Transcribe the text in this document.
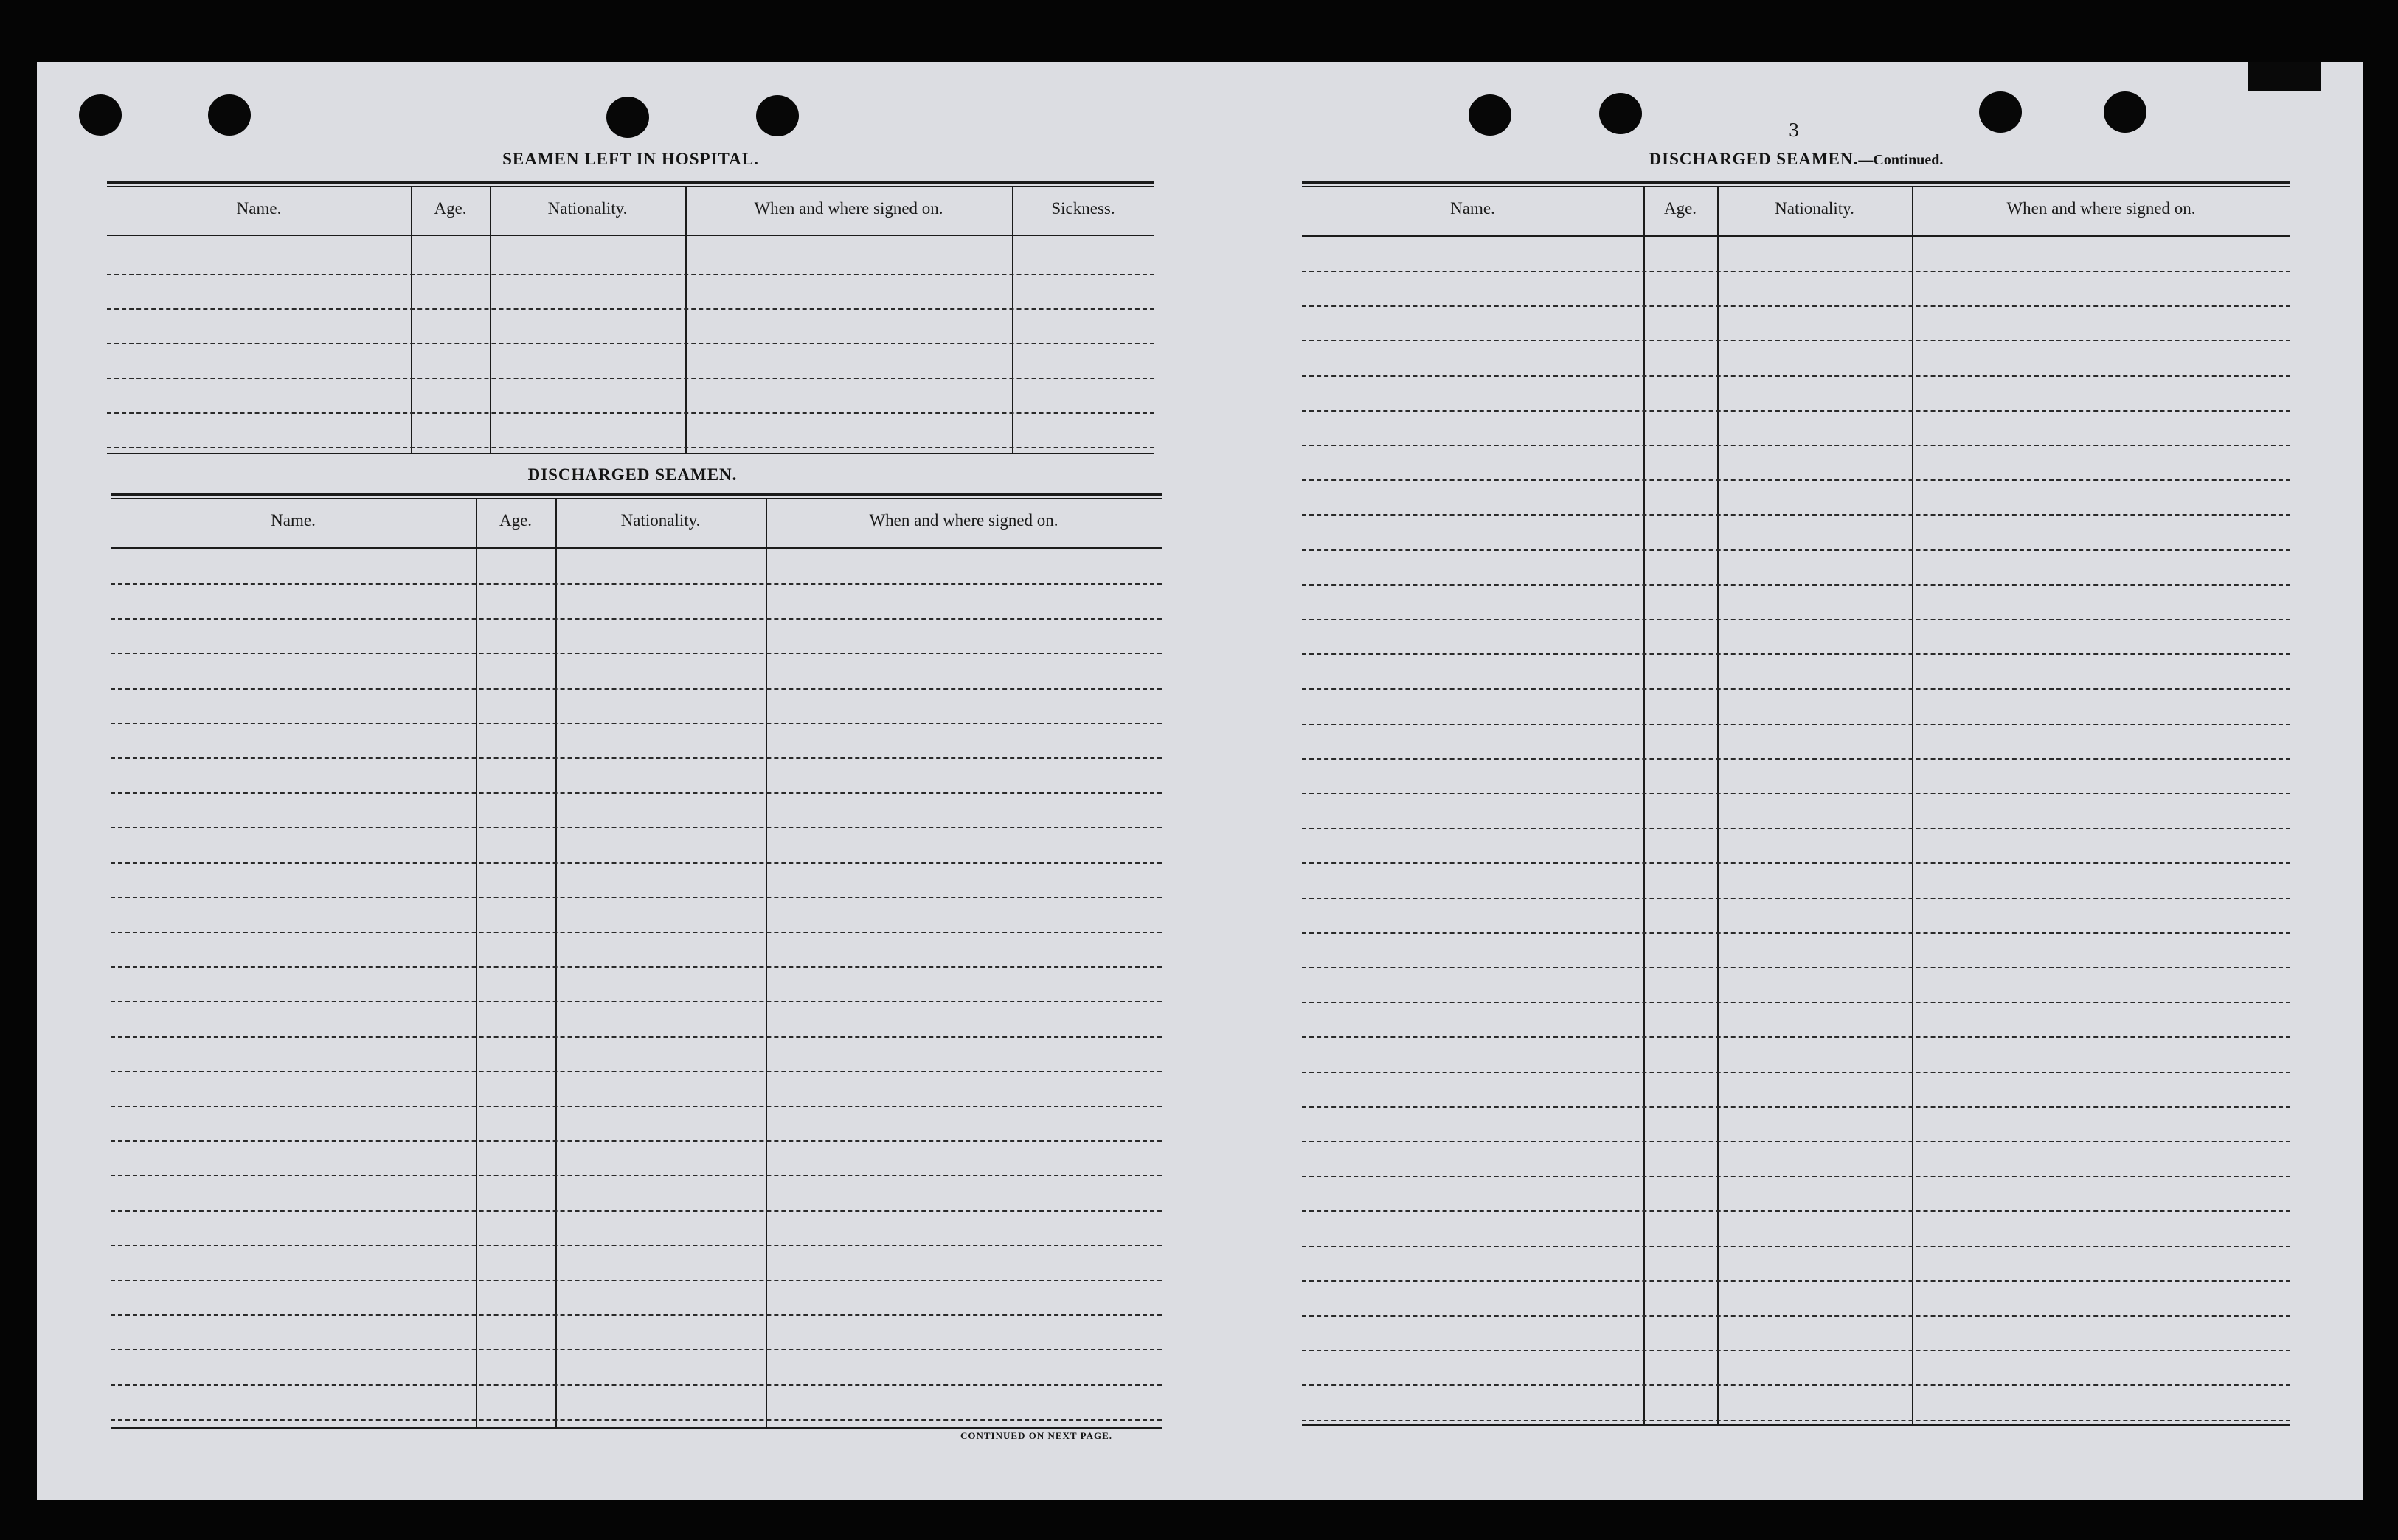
SEAMEN LEFT IN HOSPITAL.
Name.	Age.	Nationality.	When and where signed on.	Sickness.
DISCHARGED SEAMEN.
Name.	Age.	Nationality.	When and where signed on.
CONTINUED ON NEXT PAGE.
3
DISCHARGED SEAMEN.—Continued.
Name.	Age.	Nationality.	When and where signed on.
